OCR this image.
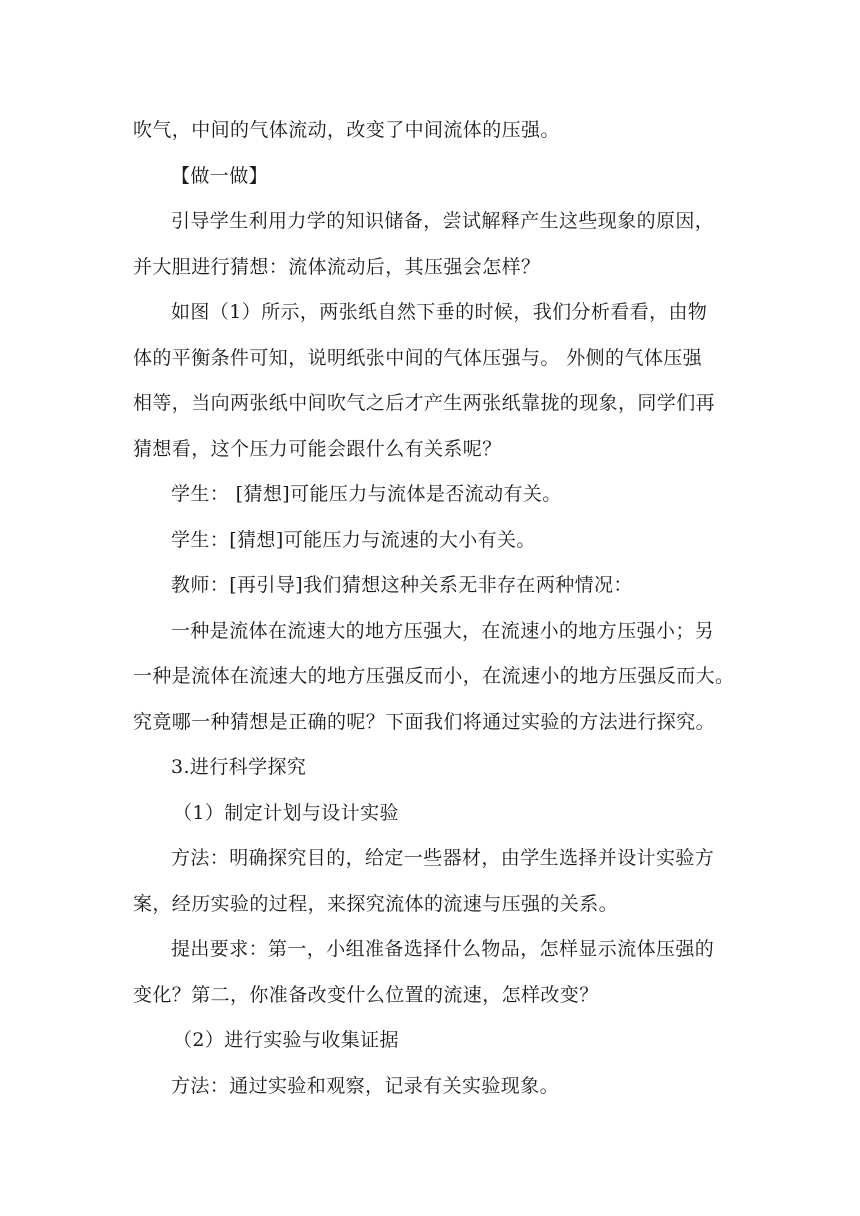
吹气，中间的气体流动，改变了中间流体的压强。

【做一做】

引导学生利用力学的知识储备，尝试解释产生这些现象的原因，

并大胆进行猜想：流体流动后，其压强会怎样？

如图（1）所示，两张纸自然下垂的时候，我们分析看看，由物

体的平衡条件可知，说明纸张中间的气体压强与。 外侧的气体压强

相等，当向两张纸中间吹气之后才产生两张纸靠拢的现象，同学们再

猜想看，这个压力可能会跟什么有关系呢？

学生： [猜想]可能压力与流体是否流动有关。

学生：[猜想]可能压力与流速的大小有关。

教师：[再引导]我们猜想这种关系无非存在两种情况：

一种是流体在流速大的地方压强大，在流速小的地方压强小；另

一种是流体在流速大的地方压强反而小，在流速小的地方压强反而大。

究竟哪一种猜想是正确的呢？下面我们将通过实验的方法进行探究。

3.进行科学探究

（1）制定计划与设计实验

方法：明确探究目的，给定一些器材，由学生选择并设计实验方

案，经历实验的过程，来探究流体的流速与压强的关系。

提出要求：第一，小组准备选择什么物品，怎样显示流体压强的

变化？第二，你准备改变什么位置的流速，怎样改变？

（2）进行实验与收集证据

方法：通过实验和观察，记录有关实验现象。
